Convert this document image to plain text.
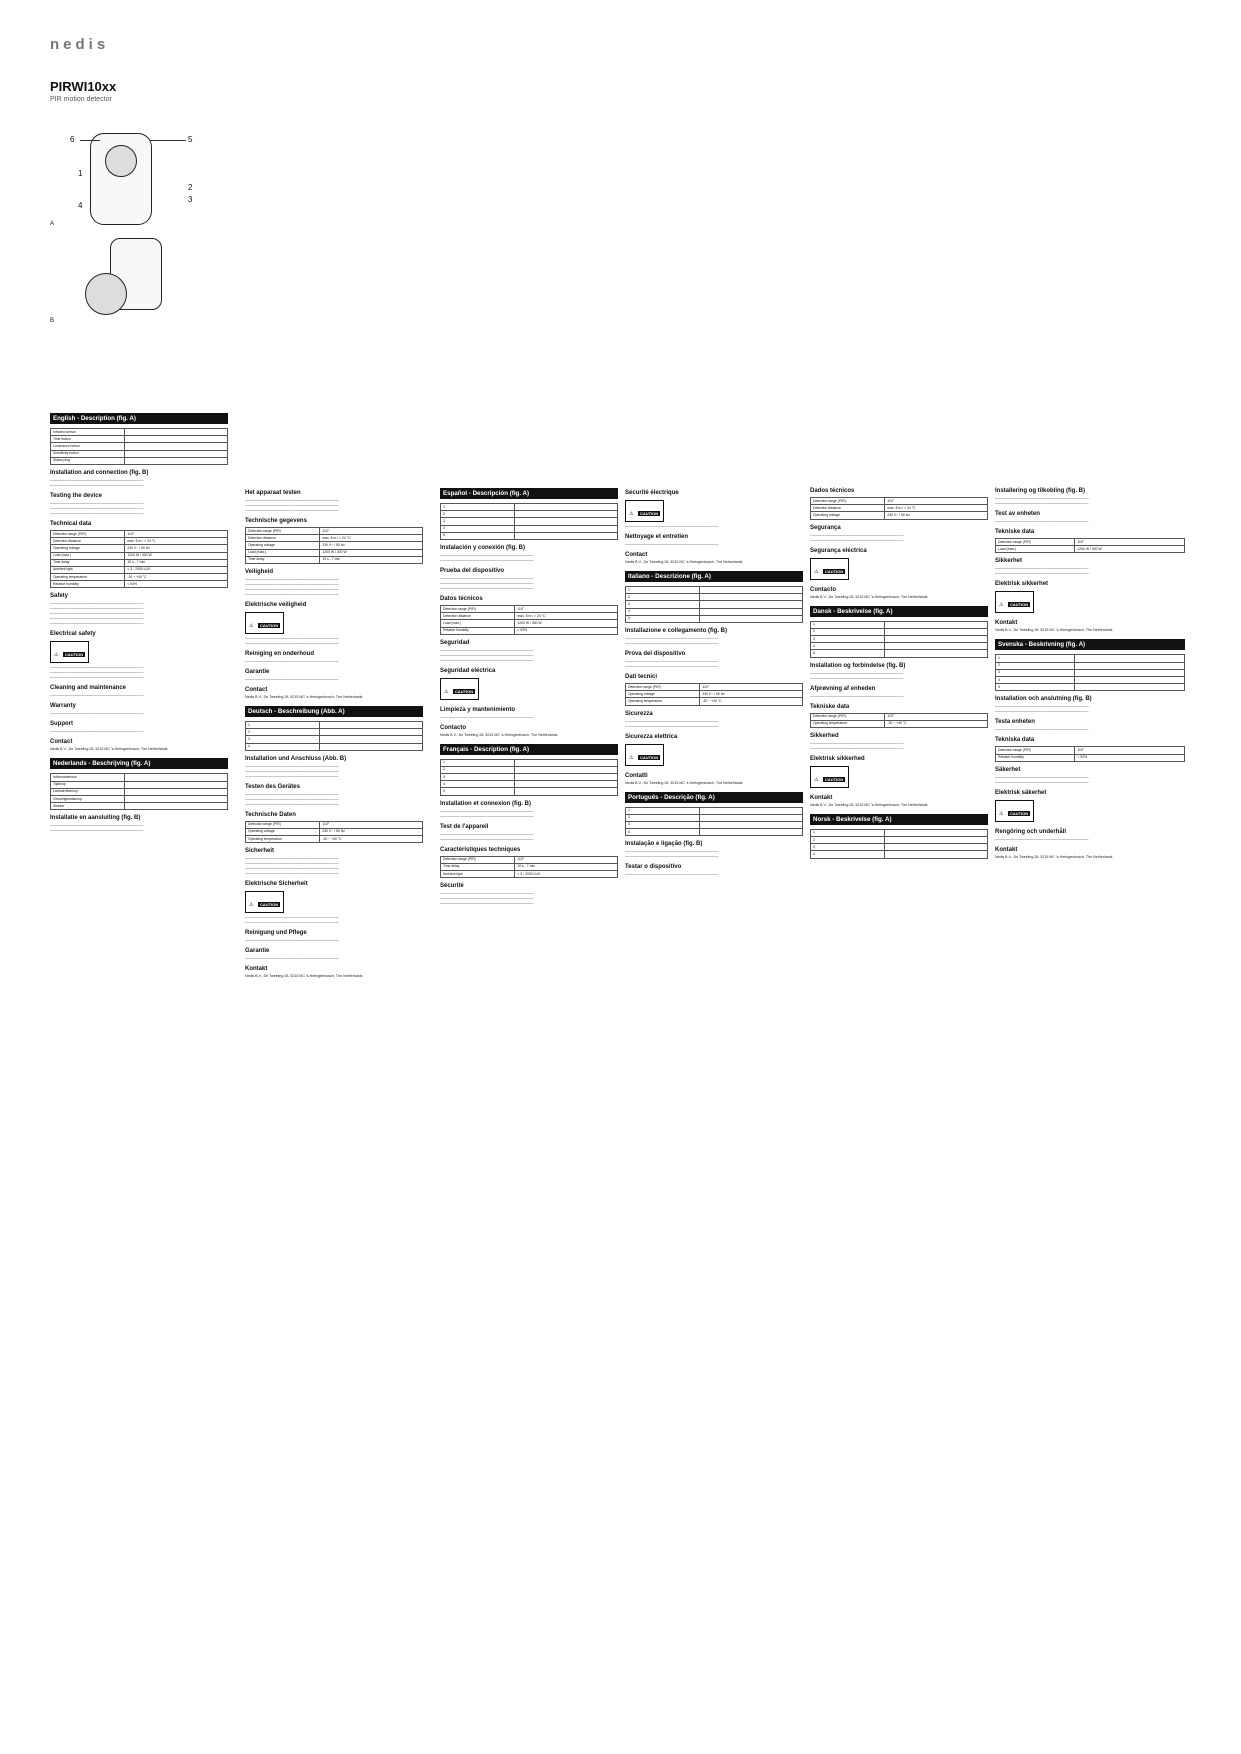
nedis
PIRWI10xx
PIR motion detector
6	5
1
2
3
4
A
B
English - Description (fig. A)
Infrared sensor	
Time button	
Luminance button	
Sensitivity button	
Status plug	
Installation and connection (fig. B)
——————————————————————————
——————————————————————————
Testing the device
——————————————————————————
——————————————————————————
——————————————————————————
Technical data
Detection range (PIR)	110°
Detection distance	max. 8 m / < 24 °C
Operating voltage	230 V~ / 50 Hz
Load (max.)	1200 W / 300 W
Time delay	10 s - 7 min
Ambient light	< 3 - 2000 LUX
Operating temperature	-20 ~ +40 °C
Relative humidity	< 93%
Safety
——————————————————————————
——————————————————————————
——————————————————————————
——————————————————————————
——————————————————————————
Electrical safety
⚠ CAUTION
——————————————————————————
——————————————————————————
——————————————————————————
Cleaning and maintenance
——————————————————————————
Warranty
——————————————————————————
Support
——————————————————————————
Contact
Nedis B.V., De Tweeling 28, 5215 MC 's-Hertogenbosch, The Netherlands
Nederlands - Beschrijving (fig. A)
Infraroodsensor	
Tijdknop	
Lichtsterkteknop	
Gevoeligheidsknop	
Stekker	
Installatie en aansluiting (fig. B)
——————————————————————————
——————————————————————————
Het apparaat testen
——————————————————————————
——————————————————————————
——————————————————————————
Technische gegevens
Detection range (PIR)	110°
Detection distance	max. 8 m / < 24 °C
Operating voltage	230 V~ / 50 Hz
Load (max.)	1200 W / 300 W
Time delay	10 s - 7 min
Veiligheid
——————————————————————————
——————————————————————————
——————————————————————————
——————————————————————————
Elektrische veiligheid
⚠ CAUTION
——————————————————————————
——————————————————————————
Reiniging en onderhoud
——————————————————————————
Garantie
——————————————————————————
Contact
Nedis B.V., De Tweeling 28, 5215 MC 's-Hertogenbosch, The Netherlands
Deutsch - Beschreibung (Abb. A)
1	
2	
3	
4	
Installation und Anschluss (Abb. B)
——————————————————————————
——————————————————————————
——————————————————————————
Testen des Gerätes
——————————————————————————
——————————————————————————
——————————————————————————
Technische Daten
Detection range (PIR)	110°
Operating voltage	230 V~ / 50 Hz
Operating temperature	-20 ~ +40 °C
Sicherheit
——————————————————————————
——————————————————————————
——————————————————————————
——————————————————————————
Elektrische Sicherheit
⚠ CAUTION
——————————————————————————
——————————————————————————
Reinigung und Pflege
——————————————————————————
Garantie
——————————————————————————
Kontakt
Nedis B.V., De Tweeling 28, 5215 MC 's-Hertogenbosch, The Netherlands
Español - Descripción (fig. A)
1	
2	
3	
4	
5	
Instalación y conexión (fig. B)
——————————————————————————
——————————————————————————
Prueba del dispositivo
——————————————————————————
——————————————————————————
——————————————————————————
Datos técnicos
Detection range (PIR)	110°
Detection distance	max. 8 m / < 24 °C
Load (max.)	1200 W / 300 W
Relative humidity	< 93%
Seguridad
——————————————————————————
——————————————————————————
——————————————————————————
Seguridad eléctrica
⚠ CAUTION
Limpieza y mantenimiento
——————————————————————————
Contacto
Nedis B.V., De Tweeling 28, 5215 MC 's-Hertogenbosch, The Netherlands
Français - Description (fig. A)
1	
2	
3	
4	
5	
Installation et connexion (fig. B)
——————————————————————————
——————————————————————————
Test de l'appareil
——————————————————————————
——————————————————————————
Caractéristiques techniques
Detection range (PIR)	110°
Time delay	10 s - 7 min
Ambient light	< 3 - 2000 LUX
Sécurité
——————————————————————————
——————————————————————————
——————————————————————————
Sécurité électrique
⚠ CAUTION
——————————————————————————
Nettoyage et entretien
——————————————————————————
Contact
Nedis B.V., De Tweeling 28, 5215 MC 's-Hertogenbosch, The Netherlands
Italiano - Descrizione (fig. A)
1	
2	
3	
4	
5	
Installazione e collegamento (fig. B)
——————————————————————————
——————————————————————————
Prova del dispositivo
——————————————————————————
——————————————————————————
Dati tecnici
Detection range (PIR)	110°
Operating voltage	230 V~ / 50 Hz
Operating temperature	-20 ~ +40 °C
Sicurezza
——————————————————————————
——————————————————————————
Sicurezza elettrica
⚠ CAUTION
Contatti
Nedis B.V., De Tweeling 28, 5215 MC 's-Hertogenbosch, The Netherlands
Português - Descrição (fig. A)
1	
2	
3	
4	
Instalação e ligação (fig. B)
——————————————————————————
——————————————————————————
Testar o dispositivo
——————————————————————————
Dados técnicos
Detection range (PIR)	110°
Detection distance	max. 8 m / < 24 °C
Operating voltage	230 V~ / 50 Hz
Segurança
——————————————————————————
——————————————————————————
Segurança eléctrica
⚠ CAUTION
Contacto
Nedis B.V., De Tweeling 28, 5215 MC 's-Hertogenbosch, The Netherlands
Dansk - Beskrivelse (fig. A)
1	
2	
3	
4	
5	
Installation og forbindelse (fig. B)
——————————————————————————
——————————————————————————
Afprøvning af enheden
——————————————————————————
Tekniske data
Detection range (PIR)	110°
Operating temperature	-20 ~ +40 °C
Sikkerhed
——————————————————————————
——————————————————————————
Elektrisk sikkerhed
⚠ CAUTION
Kontakt
Nedis B.V., De Tweeling 28, 5215 MC 's-Hertogenbosch, The Netherlands
Norsk - Beskrivelse (fig. A)
1	
2	
3	
4	
Installering og tilkobling (fig. B)
——————————————————————————
——————————————————————————
Test av enheten
——————————————————————————
Tekniske data
Detection range (PIR)	110°
Load (max.)	1200 W / 300 W
Sikkerhet
——————————————————————————
——————————————————————————
Elektrisk sikkerhet
⚠ CAUTION
Kontakt
Nedis B.V., De Tweeling 28, 5215 MC 's-Hertogenbosch, The Netherlands
Svenska - Beskrivning (fig. A)
1	
2	
3	
4	
5	
Installation och anslutning (fig. B)
——————————————————————————
——————————————————————————
Testa enheten
——————————————————————————
Tekniska data
Detection range (PIR)	110°
Relative humidity	< 93%
Säkerhet
——————————————————————————
——————————————————————————
Elektrisk säkerhet
⚠ CAUTION
Rengöring och underhåll
——————————————————————————
Kontakt
Nedis B.V., De Tweeling 28, 5215 MC 's-Hertogenbosch, The Netherlands
